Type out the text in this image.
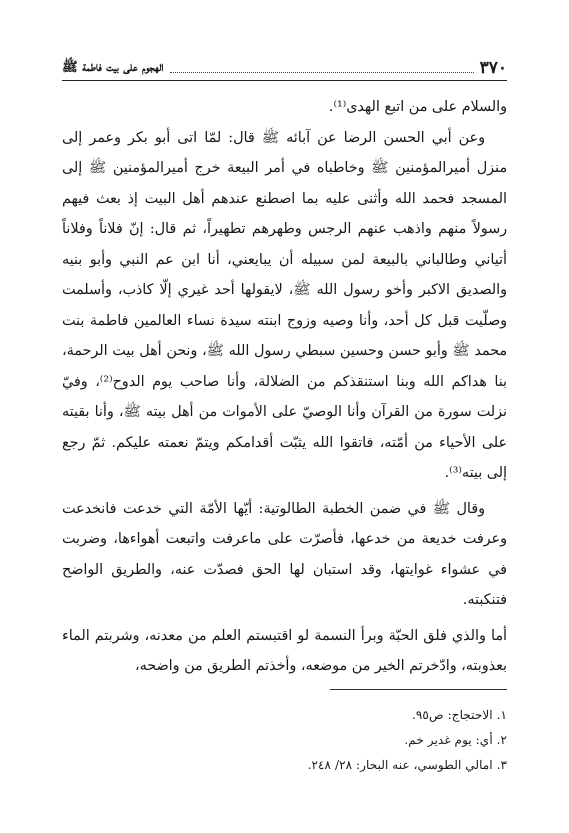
٣٧٠
الهجوم على بيت فاطمة ﷺ

والسلام على من اتبع الهدى⁽¹⁾.

وعن أبي الحسن الرضا عن آبائه ﷺ قال: لمّا اتى أبو بكر وعمر إلى منزل أميرالمؤمنين ﷺ وخاطباه في أمر البيعة خرج أميرالمؤمنين ﷺ إلى المسجد فحمد الله وأثنى عليه بما اصطنع عندهم أهل البيت إذ بعث فيهم رسولاً منهم واذهب عنهم الرجس وطهرهم تطهيراً، ثم قال: إنّ فلاناً وفلاناً أتياني وطالباني بالبيعة لمن سبيله أن يبايعني، أنا ابن عم النبي وأبو بنيه والصديق الاكبر وأخو رسول الله ﷺ، لايقولها أحد غيري إلّا كاذب، وأسلمت وصلّيت قبل كل أحد، وأنا وصيه وزوج ابنته سيدة نساء العالمين فاطمة بنت محمد ﷺ وأبو حسن وحسين سبطي رسول الله ﷺ، ونحن أهل بيت الرحمة، بنا هداكم الله وبنا استنقذكم من الضلالة، وأنا صاحب يوم الدوح⁽²⁾، وفيّ نزلت سورة من القرآن وأنا الوصيّ على الأموات من أهل بيته ﷺ، وأنا بقيته على الأحياء من أمّته، فاتقوا الله يثبّت أقدامكم ويتمّ نعمته عليكم. ثمّ رجع إلى بيته⁽³⁾.

وقال ﷺ في ضمن الخطبة الطالوتية: أيّها الأمّة التي خدعت فانخدعت وعرفت خديعة من خدعها، فأصرّت على ماعرفت واتبعت أهواءها، وضربت في عشواء غوايتها، وقد استبان لها الحق فصدّت عنه، والطريق الواضح فتنكبته.

أما والذي فلق الحبّة وبرأ النسمة لو اقتبستم العلم من معدنه، وشربتم الماء بعذوبته، وادّخرتم الخير من موضعه، وأخذتم الطريق من واضحه،

١. الاحتجاج: ص٩٥.
٢. أي: يوم غدير خم.
٣. امالي الطوسي، عنه البحار: ٢٨/ ٢٤٨.
